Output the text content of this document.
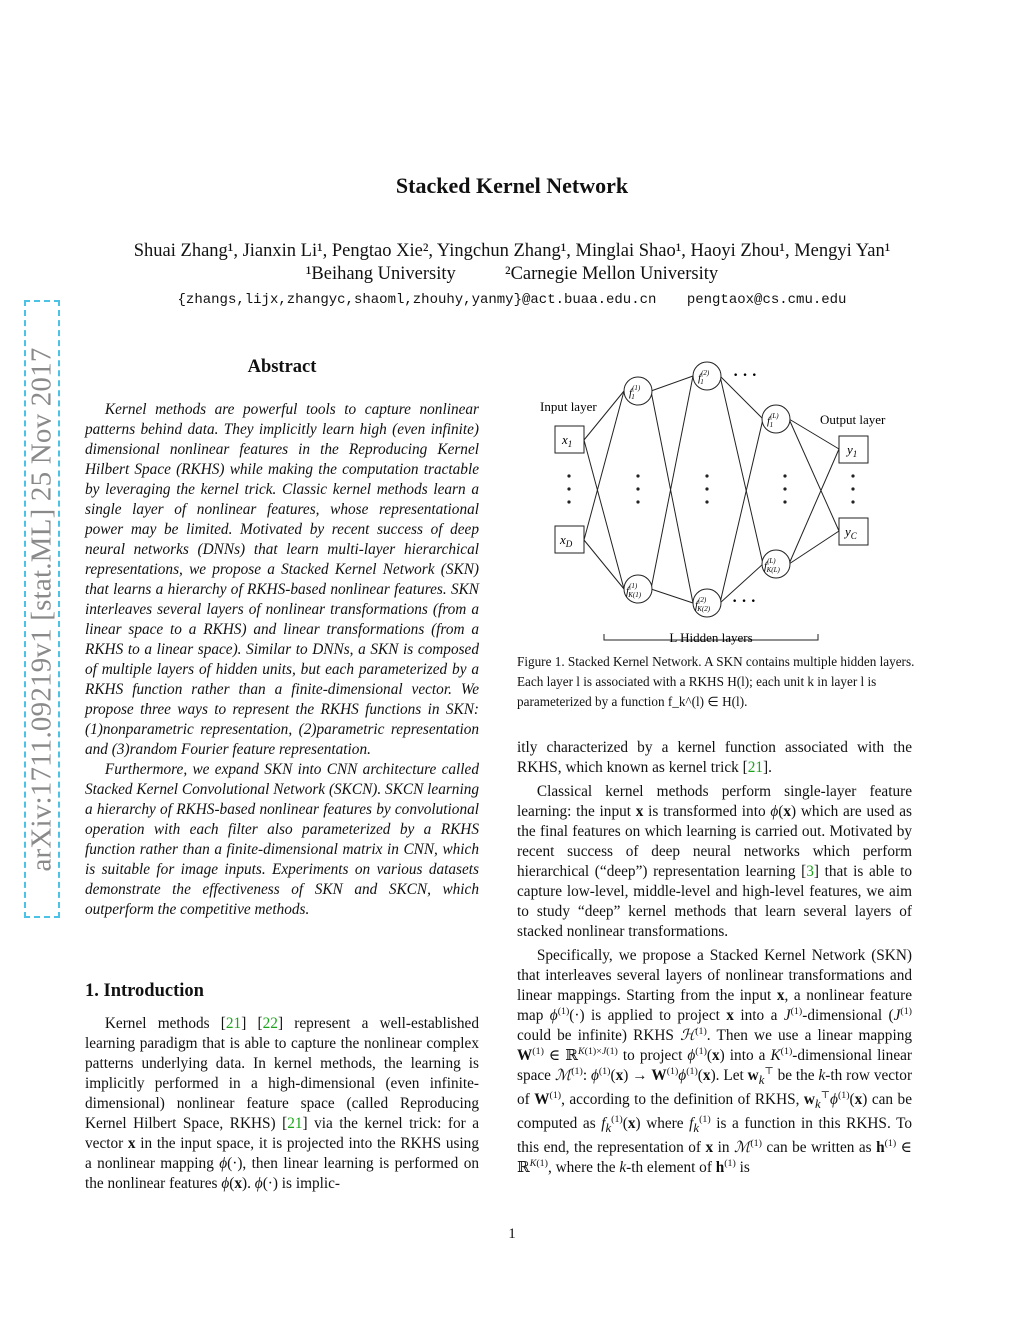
arXiv:1711.09219v1 [stat.ML] 25 Nov 2017
Stacked Kernel Network
Shuai Zhang¹, Jianxin Li¹, Pengtao Xie², Yingchun Zhang¹, Minglai Shao¹, Haoyi Zhou¹, Mengyi Yan¹
¹Beihang University	²Carnegie Mellon University
{zhangs,lijx,zhangyc,shaoml,zhouhy,yanmy}@act.buaa.edu.cn pengtaox@cs.cmu.edu
Abstract

Kernel methods are powerful tools to capture nonlinear patterns behind data. They implicitly learn high (even infinite) dimensional nonlinear features in the Reproducing Kernel Hilbert Space (RKHS) while making the computation tractable by leveraging the kernel trick. Classic kernel methods learn a single layer of nonlinear features, whose representational power may be limited. Motivated by recent success of deep neural networks (DNNs) that learn multi-layer hierarchical representations, we propose a Stacked Kernel Network (SKN) that learns a hierarchy of RKHS-based nonlinear features. SKN interleaves several layers of nonlinear transformations (from a linear space to a RKHS) and linear transformations (from a RKHS to a linear space). Similar to DNNs, a SKN is composed of multiple layers of hidden units, but each parameterized by a RKHS function rather than a finite-dimensional vector. We propose three ways to represent the RKHS functions in SKN: (1)nonparametric representation, (2)parametric representation and (3)random Fourier feature representation.

Furthermore, we expand SKN into CNN architecture called Stacked Kernel Convolutional Network (SKCN). SKCN learning a hierarchy of RKHS-based nonlinear features by convolutional operation with each filter also parameterized by a RKHS function rather than a finite-dimensional matrix in CNN, which is suitable for image inputs. Experiments on various datasets demonstrate the effectiveness of SKN and SKCN, which outperform the competitive methods.

1. Introduction

Kernel methods [21] [22] represent a well-established learning paradigm that is able to capture the nonlinear complex patterns underlying data. In kernel methods, the learning is implicitly performed in a high-dimensional (even infinite-dimensional) nonlinear feature space (called Reproducing Kernel Hilbert Space, RKHS) [21] via the kernel trick: for a vector x in the input space, it is projected into the RKHS using a nonlinear mapping ϕ(·), then linear learning is performed on the nonlinear features ϕ(x). ϕ(·) is implic-

Input layer
$x_1$
$x_D$
$f^{(1)}$ 1
$f^{(1)}$ K(1)
$f^{(2)}$ 1
$f^{(2)}$ K(2)
$f^{(L)}$ 1
$f^{(L)}$ K(L)
Output layer
$y_1$
$y_C$
· · ·
· · ·
L Hidden layers
Figure 1. Stacked Kernel Network. A SKN contains multiple hidden layers. Each layer l is associated with a RKHS H(l); each unit k in layer l is parameterized by a function f_k^(l) ∈ H(l).

itly characterized by a kernel function associated with the RKHS, which known as kernel trick [21].

Classical kernel methods perform single-layer feature learning: the input x is transformed into ϕ(x) which are used as the final features on which learning is carried out. Motivated by recent success of deep neural networks which perform hierarchical (“deep”) representation learning [3] that is able to capture low-level, middle-level and high-level features, we aim to study “deep” kernel methods that learn several layers of stacked nonlinear transformations.

Specifically, we propose a Stacked Kernel Network (SKN) that interleaves several layers of nonlinear transformations and linear mappings. Starting from the input x, a nonlinear feature map $\phi^{(1)}(\cdot)$ is applied to project x into a $J^{(1)}$-dimensional ($J^{(1)}$ could be infinite) RKHS ℋ$^{(1)}$. Then we use a linear mapping $W^{(1)}$ ∈ ℝ$^{K(1)\times J(1)}$ to project $\phi^{(1)}(x)$ into a $K^{(1)}$-dimensional linear space ℳ$^{(1)}$: $\phi^{(1)}(x) \to W^{(1)}\phi^{(1)}(x)$. Let $w_k^⊤$ be the k-th row vector of $W^{(1)}$, according to the definition of RKHS, $w_k^⊤\phi^{(1)}(x)$ can be computed as $f_k^{(1)}(x)$ where $f_k^{(1)}$ is a function in this RKHS. To this end, the representation of x in ℳ$^{(1)}$ can be written as $h^{(1)}$ ∈ ℝ$^{K(1)}$, where the k-th element of $h^{(1)}$ is

1
